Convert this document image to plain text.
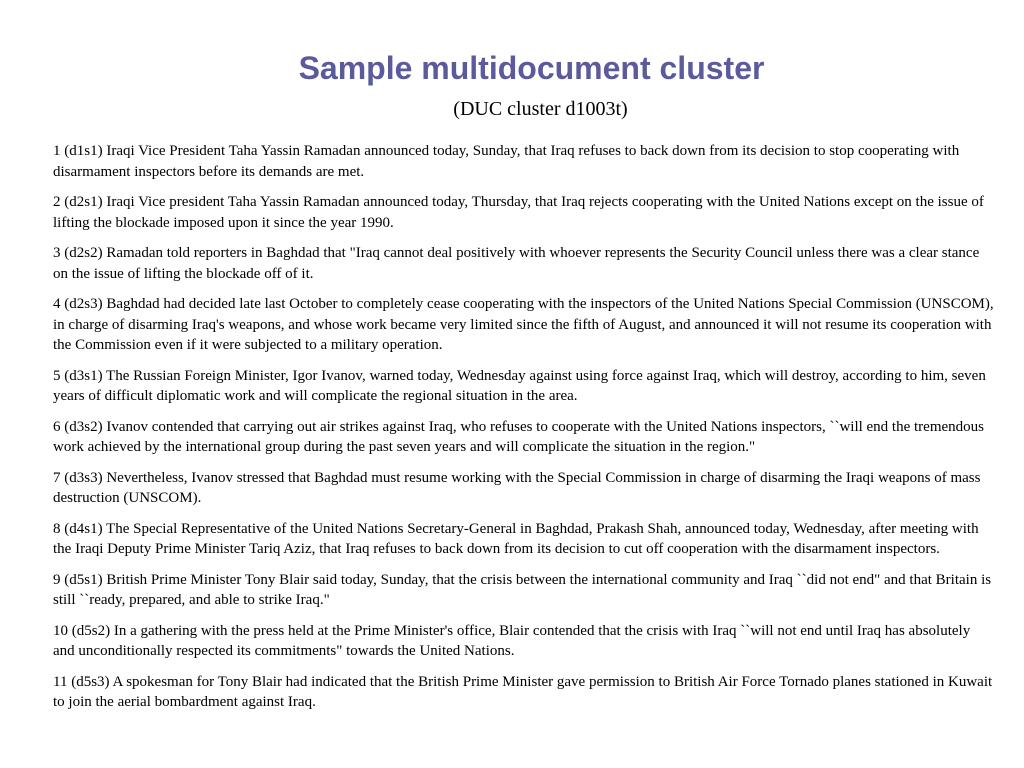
Sample multidocument cluster

(DUC cluster d1003t)

1 (d1s1) Iraqi Vice President Taha Yassin Ramadan announced today, Sunday, that Iraq refuses to back down from its decision to stop cooperating with disarmament inspectors before its demands are met.
2 (d2s1) Iraqi Vice president Taha Yassin Ramadan announced today, Thursday, that Iraq rejects cooperating with the United Nations except on the issue of lifting the blockade imposed upon it since the year 1990.
3 (d2s2) Ramadan told reporters in Baghdad that "Iraq cannot deal positively with whoever represents the Security Council unless there was a clear stance on the issue of lifting the blockade off of it.
4 (d2s3) Baghdad had decided late last October to completely cease cooperating with the inspectors of the United Nations Special Commission (UNSCOM), in charge of disarming Iraq's weapons, and whose work became very limited since the fifth of August, and announced it will not resume its cooperation with the Commission even if it were subjected to a military operation.
5 (d3s1) The Russian Foreign Minister, Igor Ivanov, warned today, Wednesday against using force against Iraq, which will destroy, according to him, seven years of difficult diplomatic work and will complicate the regional situation in the area.
6 (d3s2) Ivanov contended that carrying out air strikes against Iraq, who refuses to cooperate with the United Nations inspectors, ``will end the tremendous work achieved by the international group during the past seven years and will complicate the situation in the region."
7 (d3s3) Nevertheless, Ivanov stressed that Baghdad must resume working with the Special Commission in charge of disarming the Iraqi weapons of mass destruction (UNSCOM).
8 (d4s1) The Special Representative of the United Nations Secretary-General in Baghdad, Prakash Shah, announced today, Wednesday, after meeting with the Iraqi Deputy Prime Minister Tariq Aziz, that Iraq refuses to back down from its decision to cut off cooperation with the disarmament inspectors.
9 (d5s1) British Prime Minister Tony Blair said today, Sunday, that the crisis between the international community and Iraq ``did not end" and that Britain is still ``ready, prepared, and able to strike Iraq."
10 (d5s2) In a gathering with the press held at the Prime Minister's office, Blair contended that the crisis with Iraq ``will not end until Iraq has absolutely and unconditionally respected its commitments" towards the United Nations.
11 (d5s3) A spokesman for Tony Blair had indicated that the British Prime Minister gave permission to British Air Force Tornado planes stationed in Kuwait to join the aerial bombardment against Iraq.
